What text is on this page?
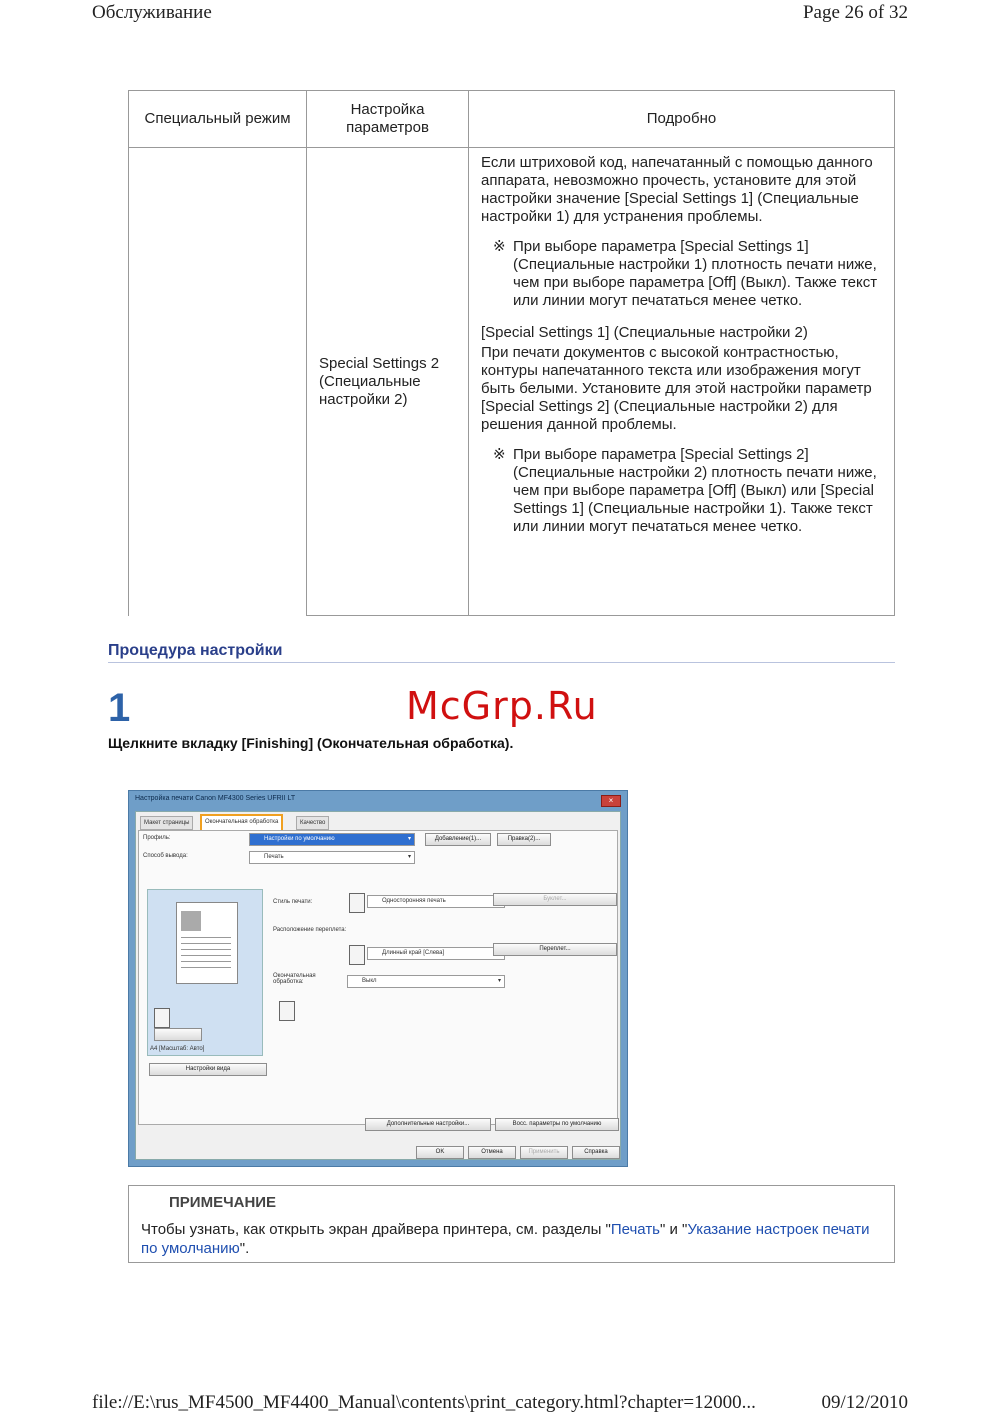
Обслуживание	Page 26 of 32
Специальный режим	Настройка параметров	Подробно
	Special Settings 2 (Специальные настройки 2)	Если штриховой код, напечатанный с помощью данного аппарата, невозможно прочесть, установите для этой настройки значение [Special Settings 1] (Специальные настройки 1) для устранения проблемы.

※ При выборе параметра [Special Settings 1] (Специальные настройки 1) плотность печати ниже, чем при выборе параметра [Off] (Выкл). Также текст или линии могут печататься менее четко.

[Special Settings 1] (Специальные настройки 2)

При печати документов с высокой контрастностью, контуры напечатанного текста или изображения могут быть белыми. Установите для этой настройки параметр [Special Settings 2] (Специальные настройки 2) для решения данной проблемы.

※ При выборе параметра [Special Settings 2] (Специальные настройки 2) плотность печати ниже, чем при выборе параметра [Off] (Выкл) или [Special Settings 1] (Специальные настройки 1). Также текст или линии могут печататься менее четко.

Процедура настройки
1	McGrp.Ru
Щелкните вкладку [Finishing] (Окончательная обработка).
Настройка печати Canon MF4300 Series UFRII LT	×
Макет страницы	Окончательная обработка	Качество
Профиль:	Настройки по умолчанию	▾	Добавление(1)...	Правка(2)...
Способ вывода:	Печать	▾
A4 [Масштаб: Авто]
Настройки вида
Стиль печати:	Односторонняя печать	Буклет...
Расположение переплета:
Длинный край [Слева]
Переплет...
Окончательная обработка:	Выкл	▾
Дополнительные настройки...	Восс. параметры по умолчанию
OK	Отмена	Применить	Справка
ПРИМЕЧАНИЕ
Чтобы узнать, как открыть экран драйвера принтера, см. разделы "Печать" и "Указание настроек печати по умолчанию".
file://E:\rus_MF4500_MF4400_Manual\contents\print_category.html?chapter=12000...	09/12/2010
